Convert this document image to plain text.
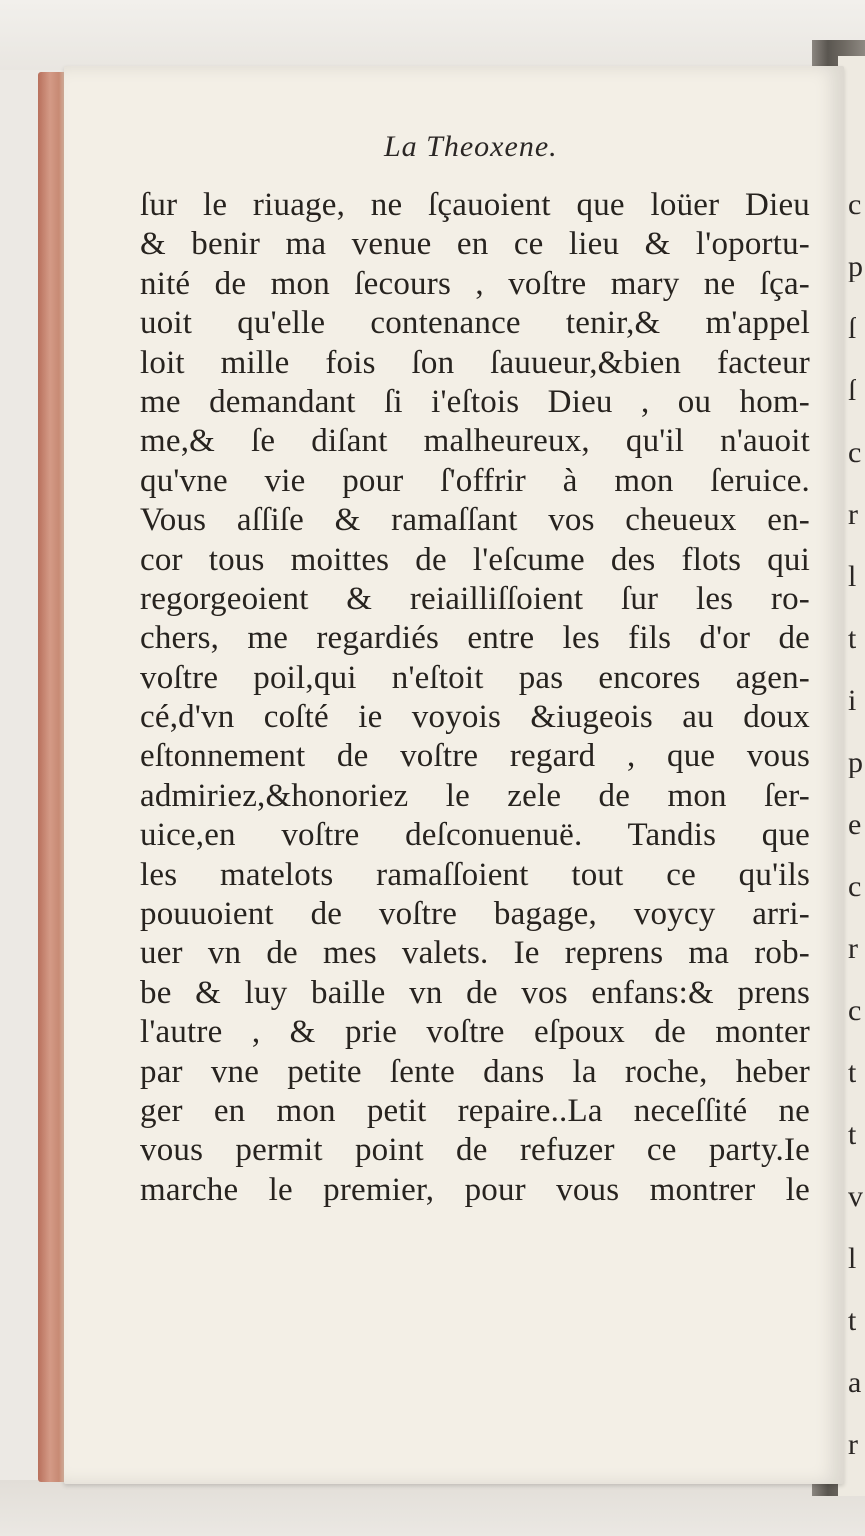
c
p
ſ
ſ
c
r
l
t
i
p
e
c
r
c
t
t
v
l
t
a
r
La Theoxene.
ſur le riuage, ne ſçauoient que loüer Dieu
& benir ma venue en ce lieu & l'oportu-
nité de mon ſecours , voſtre mary ne ſça-
uoit qu'elle contenance tenir,& m'appel
loit mille fois ſon ſauueur,&bien facteur
me demandant ſi i'eſtois Dieu , ou hom-
me,& ſe diſant malheureux, qu'il n'auoit
qu'vne vie pour ſ'offrir à mon ſeruice.
Vous aſſiſe & ramaſſant vos cheueux en-
cor tous moittes de l'eſcume des flots qui
regorgeoient & reiailliſſoient ſur les ro-
chers, me regardiés entre les fils d'or de
voſtre poil,qui n'eſtoit pas encores agen-
cé,d'vn coſté ie voyois &iugeois au doux
eſtonnement de voſtre regard , que vous
admiriez,&honoriez le zele de mon ſer-
uice,en voſtre deſconuenuë. Tandis que
les matelots ramaſſoient tout ce qu'ils
pouuoient de voſtre bagage, voycy arri-
uer vn de mes valets. Ie reprens ma rob-
be & luy baille vn de vos enfans:& prens
l'autre , & prie voſtre eſpoux de monter
par vne petite ſente dans la roche, heber
ger en mon petit repaire..La neceſſité ne
vous permit point de refuzer ce party.Ie
marche le premier, pour vous montrer le
